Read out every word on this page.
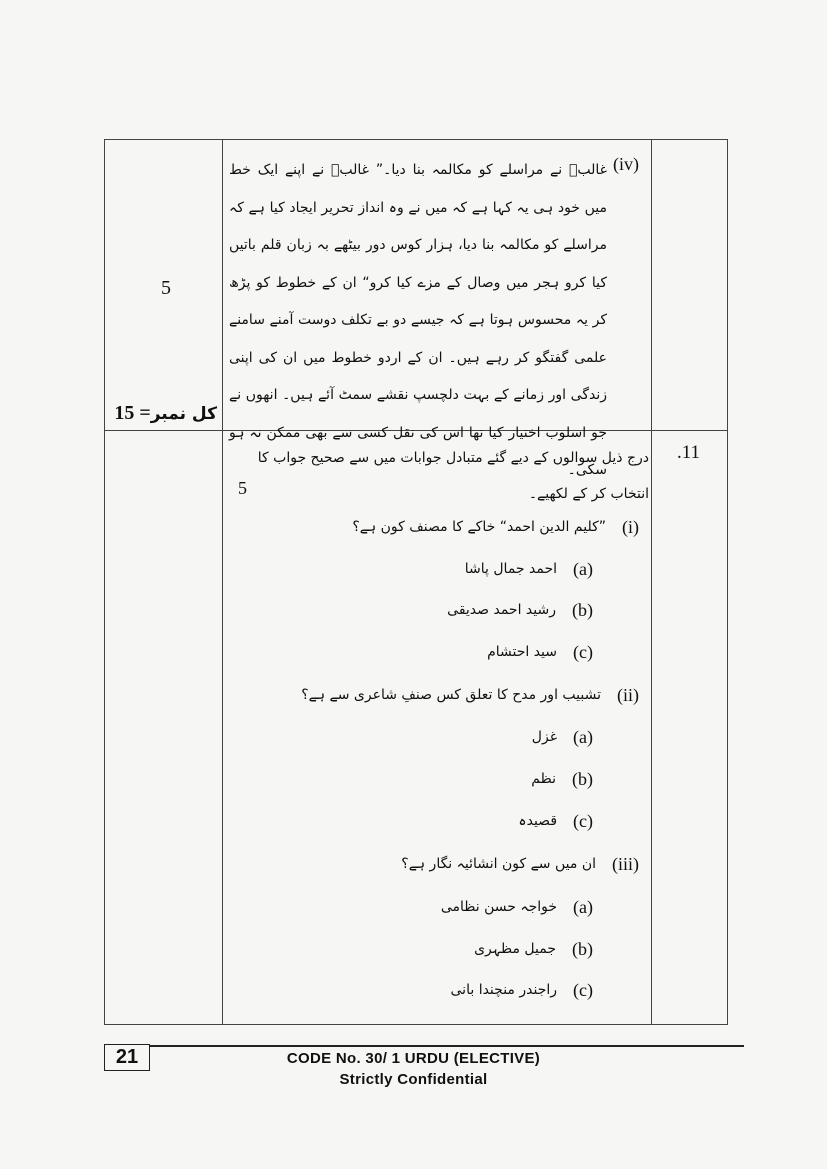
5
کل نمبر= 15
(iv)
غالبؔ نے مراسلے کو مکالمہ بنا دیا۔” غالبؔ نے اپنے ایک خط میں خود ہی یہ کہا ہے کہ میں نے وہ انداز تحریر ایجاد کیا ہے کہ مراسلے کو مکالمہ بنا دیا، ہزار کوس دور بیٹھے بہ زبان قلم باتیں کیا کرو ہجر میں وصال کے مزے کیا کرو“ ان کے خطوط کو پڑھ کر یہ محسوس ہوتا ہے کہ جیسے دو بے تکلف دوست آمنے سامنے علمی گفتگو کر رہے ہیں۔ ان کے اردو خطوط میں ان کی اپنی زندگی اور زمانے کے بہت دلچسپ نقشے سمٹ آئے ہیں۔ انھوں نے جو اسلوب اختیار کیا تھا اس کی نقل کسی سے بھی ممکن نہ ہو سکی۔
.11
درج ذیل سوالوں کے دیے گئے متبادل جوابات میں سے صحیح جواب کا انتخاب کر کے لکھیے۔
5
(i)
”کلیم الدین احمد“ خاکے کا مصنف کون ہے؟
(a)
احمد جمال پاشا
(b)
رشید احمد صدیقی
(c)
سید احتشام
(ii)
تشبیب اور مدح کا تعلق کس صنفِ شاعری سے ہے؟
(a)
غزل
(b)
نظم
(c)
قصیدہ
(iii)
ان میں سے کون انشائیہ نگار ہے؟
(a)
خواجہ حسن نظامی
(b)
جمیل مظہری
(c)
راجندر منچندا بانی
21	CODE No. 30/ 1 URDU (ELECTIVE)
Strictly Confidential
